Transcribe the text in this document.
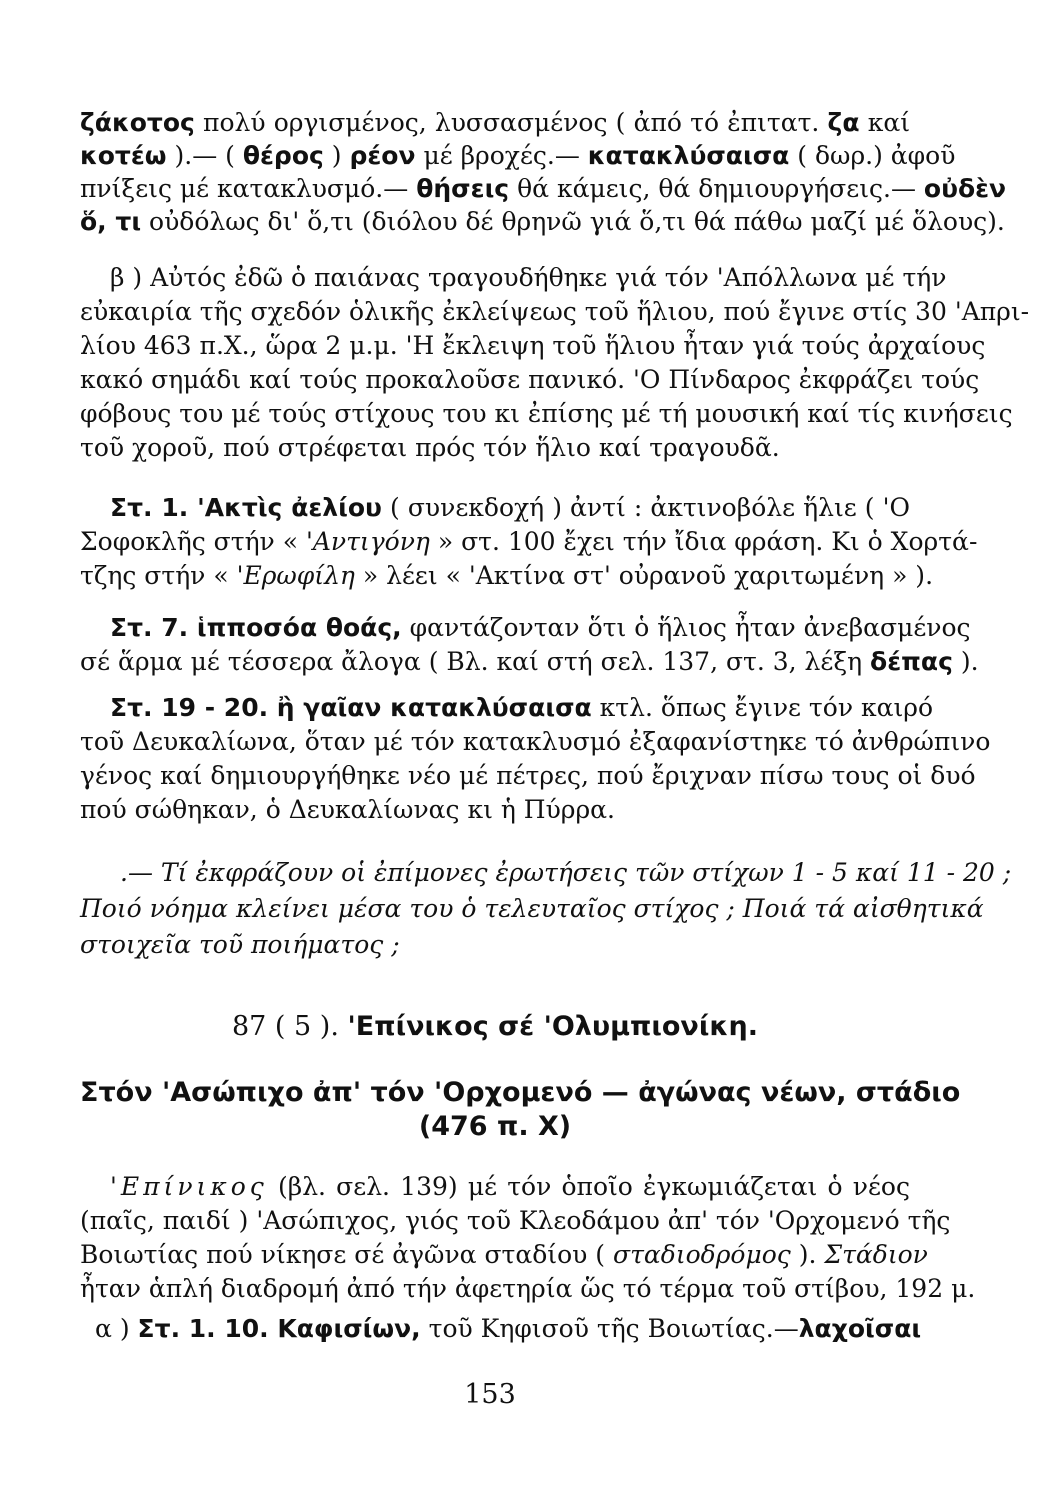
ζάκοτος πολύ οργισμένος, λυσσασμένος ( ἀπό τό ἐπιτατ. ζα καί
κοτέω ).— ( θέρος ) ρέον μέ βροχές.— κατακλύσαισα ( δωρ.) ἀφοῦ
πνίξεις μέ κατακλυσμό.— θήσεις θά κάμεις, θά δημιουργήσεις.— οὐδὲν
ὅ, τι οὐδόλως δι' ὅ,τι (διόλου δέ θρηνῶ γιά ὅ,τι θά πάθω μαζί μέ ὅλους).
β ) Αὐτός ἐδῶ ὁ παιάνας τραγουδήθηκε γιά τόν 'Απόλλωνα μέ τήν
εὐκαιρία τῆς σχεδόν ὁλικῆς ἐκλείψεως τοῦ ἥλιου, πού ἔγινε στίς 30 'Απρι-
λίου 463 π.Χ., ὥρα 2 μ.μ. 'Η ἔκλειψη τοῦ ἥλιου ἦταν γιά τούς ἀρχαίους
κακό σημάδι καί τούς προκαλοῦσε πανικό. 'Ο Πίνδαρος ἐκφράζει τούς
φόβους του μέ τούς στίχους του κι ἐπίσης μέ τή μουσική καί τίς κινήσεις
τοῦ χοροῦ, πού στρέφεται πρός τόν ἥλιο καί τραγουδᾶ.
Στ. 1. 'Ακτὶς ἀελίου ( συνεκδοχή ) ἀντί : ἀκτινοβόλε ἥλιε ( 'Ο
Σοφοκλῆς στήν « 'Αντιγόνη » στ. 100 ἔχει τήν ἴδια φράση. Κι ὁ Χορτά-
τζης στήν « 'Ερωφίλη » λέει « 'Ακτίνα στ' οὐρανοῦ χαριτωμένη » ).
Στ. 7. ἱπποσόα θοάς, φαντάζονταν ὅτι ὁ ἥλιος ἦταν ἀνεβασμένος
σέ ἅρμα μέ τέσσερα ἄλογα ( Βλ. καί στή σελ. 137, στ. 3, λέξη δέπας ).
Στ. 19 - 20. ἢ γαῖαν κατακλύσαισα κτλ. ὅπως ἔγινε τόν καιρό
τοῦ Δευκαλίωνα, ὅταν μέ τόν κατακλυσμό ἐξαφανίστηκε τό ἀνθρώπινο
γένος καί δημιουργήθηκε νέο μέ πέτρες, πού ἔριχναν πίσω τους οἱ δυό
πού σώθηκαν, ὁ Δευκαλίωνας κι ἡ Πύρρα.
.— Τί ἐκφράζουν οἱ ἐπίμονες ἐρωτήσεις τῶν στίχων 1 - 5 καί 11 - 20 ;
Ποιό νόημα κλείνει μέσα του ὁ τελευταῖος στίχος ; Ποιά τά αἰσθητικά
στοιχεῖα τοῦ ποιήματος ;
87 ( 5 ). 'Επίνικος σέ 'Ολυμπιονίκη.
Στόν 'Ασώπιχο ἀπ' τόν 'Ορχομενό — ἀγώνας νέων, στάδιο
(476 π. Χ)
'Επίνικος (βλ. σελ. 139) μέ τόν ὁποῖο ἐγκωμιάζεται ὁ νέος
(παῖς, παιδί ) 'Ασώπιχος, γιός τοῦ Κλεοδάμου ἀπ' τόν 'Ορχομενό τῆς
Βοιωτίας πού νίκησε σέ ἀγῶνα σταδίου ( σταδιοδρόμος ). Στάδιον
ἦταν ἁπλή διαδρομή ἀπό τήν ἀφετηρία ὥς τό τέρμα τοῦ στίβου, 192 μ.
α ) Στ. 1. 10. Καφισίων, τοῦ Κηφισοῦ τῆς Βοιωτίας.—λαχοῖσαι
153
